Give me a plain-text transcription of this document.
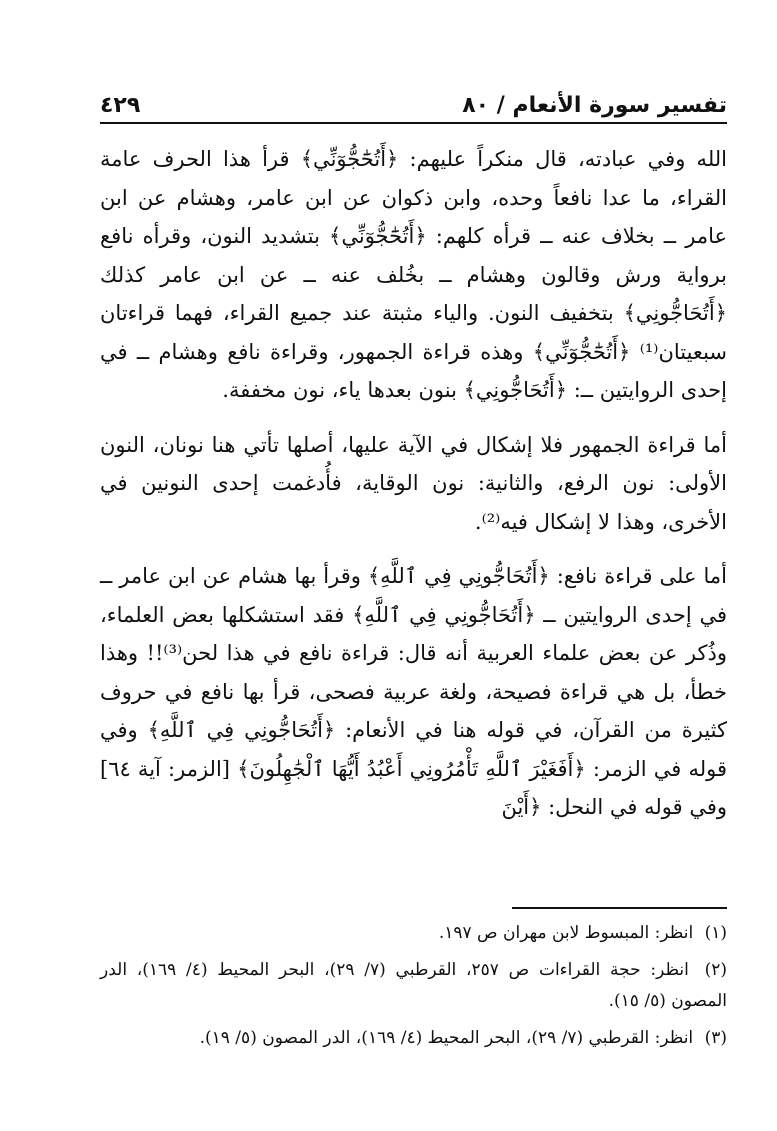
تفسير سورة الأنعام / ٨٠
٤٢٩

الله وفي عبادته، قال منكراً عليهم: ﴿أَتُحَٰٓجُّوٓنِّي﴾ قرأ هذا الحرف عامة القراء، ما عدا نافعاً وحده، وابن ذكوان عن ابن عامر، وهشام عن ابن عامر ــ بخلاف عنه ــ قرأه كلهم: ﴿أَتُحَٰٓجُّوٓنِّي﴾ بتشديد النون، وقرأه نافع برواية ورش وقالون وهشام ــ بخُلف عنه ــ عن ابن عامر كذلك ﴿أَتُحَاجُّونِي﴾ بتخفيف النون. والياء مثبتة عند جميع القراء، فهما قراءتان سبعيتان⁽¹⁾ ﴿أَتُحَٰٓجُّوٓنِّي﴾ وهذه قراءة الجمهور، وقراءة نافع وهشام ــ في إحدى الروايتين ــ: ﴿أَتُحَاجُّونِي﴾ بنون بعدها ياء، نون مخففة.

أما قراءة الجمهور فلا إشكال في الآية عليها، أصلها تأتي هنا نونان، النون الأولى: نون الرفع، والثانية: نون الوقاية، فأُدغمت إحدى النونين في الأخرى، وهذا لا إشكال فيه⁽²⁾.

أما على قراءة نافع: ﴿أَتُحَاجُّونِي فِي ٱللَّهِ﴾ وقرأ بها هشام عن ابن عامر ــ في إحدى الروايتين ــ ﴿أَتُحَاجُّونِي فِي ٱللَّهِ﴾ فقد استشكلها بعض العلماء، وذُكر عن بعض علماء العربية أنه قال: قراءة نافع في هذا لحن⁽³⁾!! وهذا خطأ، بل هي قراءة فصيحة، ولغة عربية فصحى، قرأ بها نافع في حروف كثيرة من القرآن، في قوله هنا في الأنعام: ﴿أَتُحَاجُّونِي فِي ٱللَّهِ﴾ وفي قوله في الزمر: ﴿أَفَغَيْرَ ٱللَّهِ تَأْمُرُونِي أَعْبُدُ أَيُّهَا ٱلْجَٰهِلُونَ﴾ [الزمر: آية ٦٤] وفي قوله في النحل: ﴿أَيْنَ

(١) انظر: المبسوط لابن مهران ص ١٩٧.

(٢) انظر: حجة القراءات ص ٢٥٧، القرطبي (٧/ ٢٩)، البحر المحيط (٤/ ١٦٩)، الدر المصون (٥/ ١٥).

(٣) انظر: القرطبي (٧/ ٢٩)، البحر المحيط (٤/ ١٦٩)، الدر المصون (٥/ ١٩).
